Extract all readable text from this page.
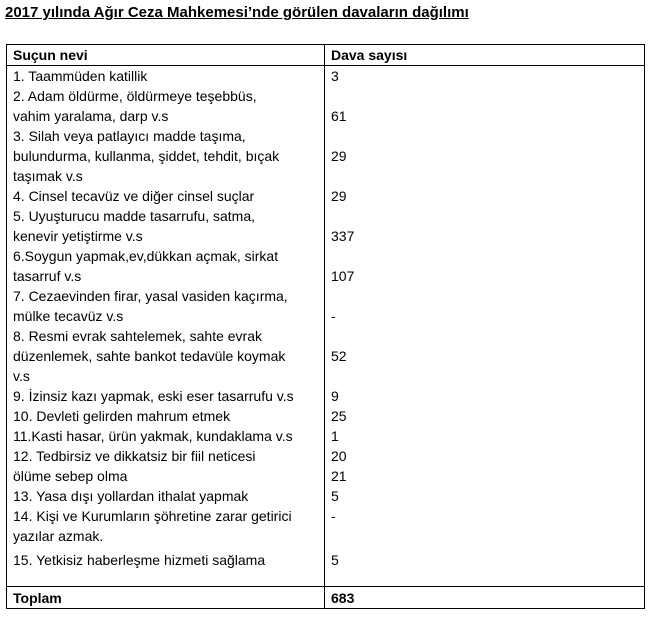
2017 yılında Ağır Ceza Mahkemesi’nde görülen davaların dağılımı
Suçun nevi	Dava sayısı
1. Taammüden katillik	3
2. Adam öldürme, öldürmeye teşebbüs,
vahim yaralama, darp v.s	61
3. Silah veya patlayıcı madde taşıma,
bulundurma, kullanma, şiddet, tehdit, bıçak
taşımak v.s	29
4. Cinsel tecavüz ve diğer cinsel suçlar	29
5. Uyuşturucu madde tasarrufu, satma,
kenevir yetiştirme v.s	337
6.Soygun yapmak,ev,dükkan açmak, sirkat
tasarruf v.s	107
7. Cezaevinden firar, yasal vasiden kaçırma,
mülke tecavüz v.s	-
8. Resmi evrak sahtelemek, sahte evrak
düzenlemek, sahte bankot tedavüle koymak
v.s	52
9. İzinsiz kazı yapmak, eski eser tasarrufu v.s	9
10. Devleti gelirden mahrum etmek	25
11.Kasti hasar, ürün yakmak, kundaklama v.s	1
12. Tedbirsiz ve dikkatsiz bir fiil neticesi	20
ölüme sebep olma	21
13. Yasa dışı yollardan ithalat yapmak	5
14. Kişi ve Kurumların şöhretine zarar getirici
yazılar azmak.	-
15. Yetkisiz haberleşme hizmeti sağlama	5

Toplam	683
